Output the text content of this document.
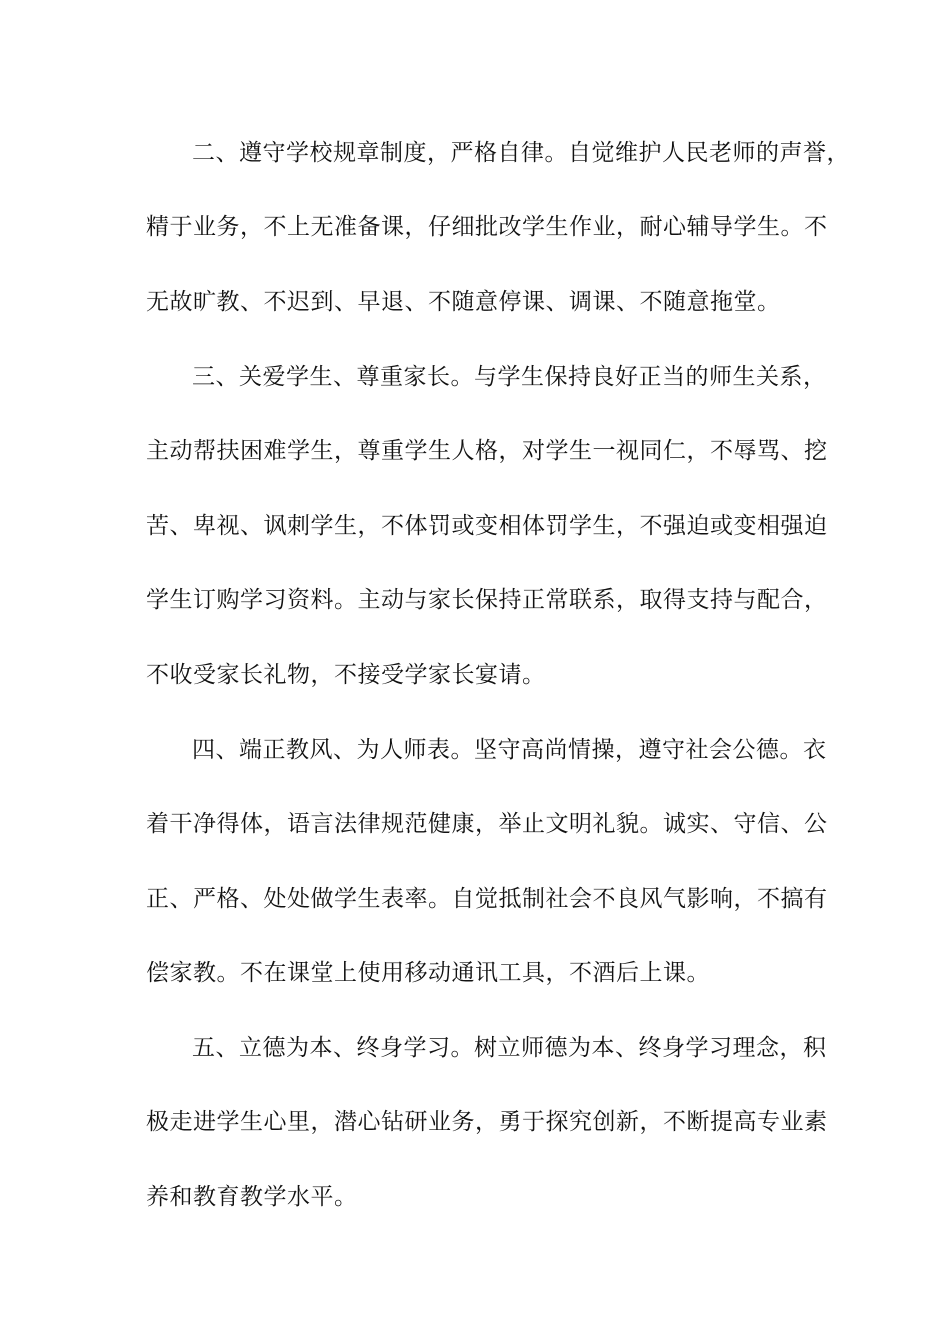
二、遵守学校规章制度，严格自律。自觉维护人民老师的声誉，
精于业务，不上无准备课，仔细批改学生作业，耐心辅导学生。不
无故旷教、不迟到、早退、不随意停课、调课、不随意拖堂。
三、关爱学生、尊重家长。与学生保持良好正当的师生关系，
主动帮扶困难学生，尊重学生人格，对学生一视同仁，不辱骂、挖
苦、卑视、讽刺学生，不体罚或变相体罚学生，不强迫或变相强迫
学生订购学习资料。主动与家长保持正常联系，取得支持与配合，
不收受家长礼物，不接受学家长宴请。
四、端正教风、为人师表。坚守高尚情操，遵守社会公德。衣
着干净得体，语言法律规范健康，举止文明礼貌。诚实、守信、公
正、严格、处处做学生表率。自觉抵制社会不良风气影响，不搞有
偿家教。不在课堂上使用移动通讯工具，不酒后上课。
五、立德为本、终身学习。树立师德为本、终身学习理念，积
极走进学生心里，潜心钻研业务，勇于探究创新，不断提高专业素
养和教育教学水平。
